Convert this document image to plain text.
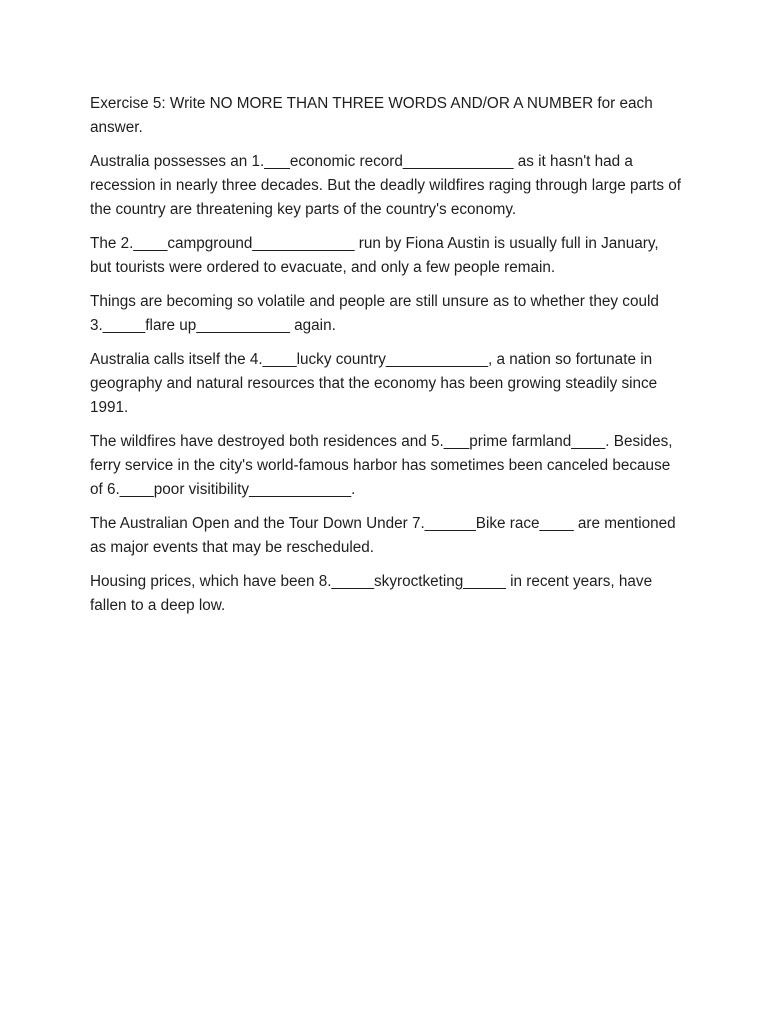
Exercise 5: Write NO MORE THAN THREE WORDS AND/OR A NUMBER for each answer.

Australia possesses an 1.___economic record_____________ as it hasn't had a recession in nearly three decades. But the deadly wildfires raging through large parts of the country are threatening key parts of the country's economy.

The 2.____campground____________ run by Fiona Austin is usually full in January, but tourists were ordered to evacuate, and only a few people remain.

Things are becoming so volatile and people are still unsure as to whether they could 3._____flare up___________ again.

Australia calls itself the 4.____lucky country____________, a nation so fortunate in geography and natural resources that the economy has been growing steadily since 1991.

The wildfires have destroyed both residences and 5.___prime farmland____. Besides, ferry service in the city's world-famous harbor has sometimes been canceled because of 6.____poor visitibility____________.

The Australian Open and the Tour Down Under 7.______Bike race____ are mentioned as major events that may be rescheduled.

Housing prices, which have been 8._____skyroctketing_____ in recent years, have fallen to a deep low.
